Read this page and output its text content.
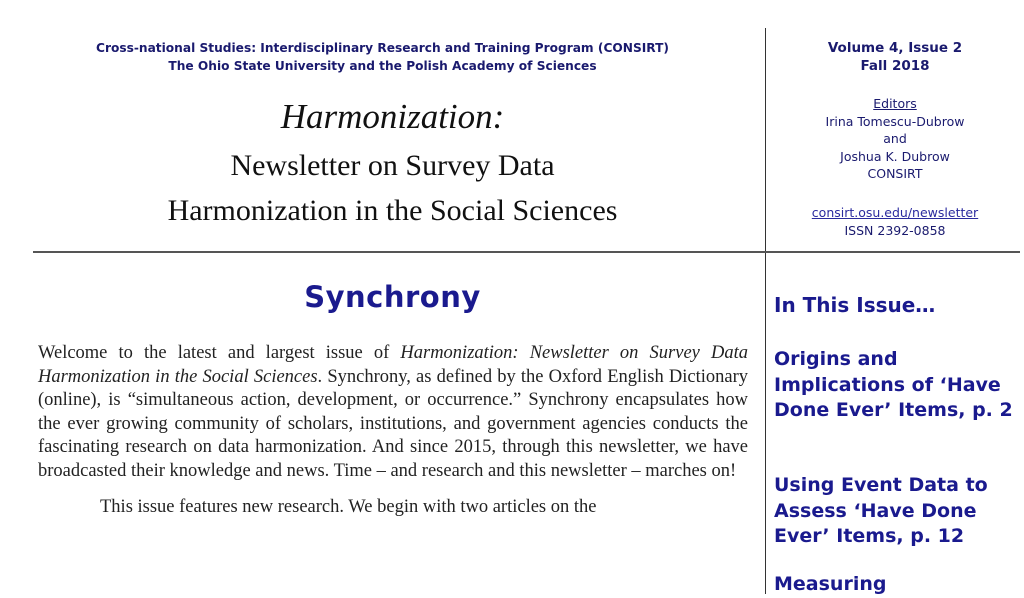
Cross-national Studies: Interdisciplinary Research and Training Program (CONSIRT)
The Ohio State University and the Polish Academy of Sciences
Harmonization:
Newsletter on Survey Data
Harmonization in the Social Sciences
Volume 4, Issue 2
Fall 2018
Editors
Irina Tomescu-Dubrow
and
Joshua K. Dubrow
CONSIRT
consirt.osu.edu/newsletter
ISSN 2392-0858
Synchrony

Welcome to the latest and largest issue of Harmonization: Newsletter on Survey Data Harmonization in the Social Sciences. Synchrony, as defined by the Oxford English Dictionary (online), is “simultaneous action, development, or occurrence.” Synchrony encapsulates how the ever growing community of scholars, institutions, and government agencies conducts the fascinating research on data harmonization. And since 2015, through this newsletter, we have broadcasted their knowledge and news. Time – and research and this newsletter – marches on!

This issue features new research. We begin with two articles on the

In This Issue…
Origins and Implications of ‘Have Done Ever’ Items, p. 2
Using Event Data to Assess ‘Have Done Ever’ Items, p. 12
Measuring
